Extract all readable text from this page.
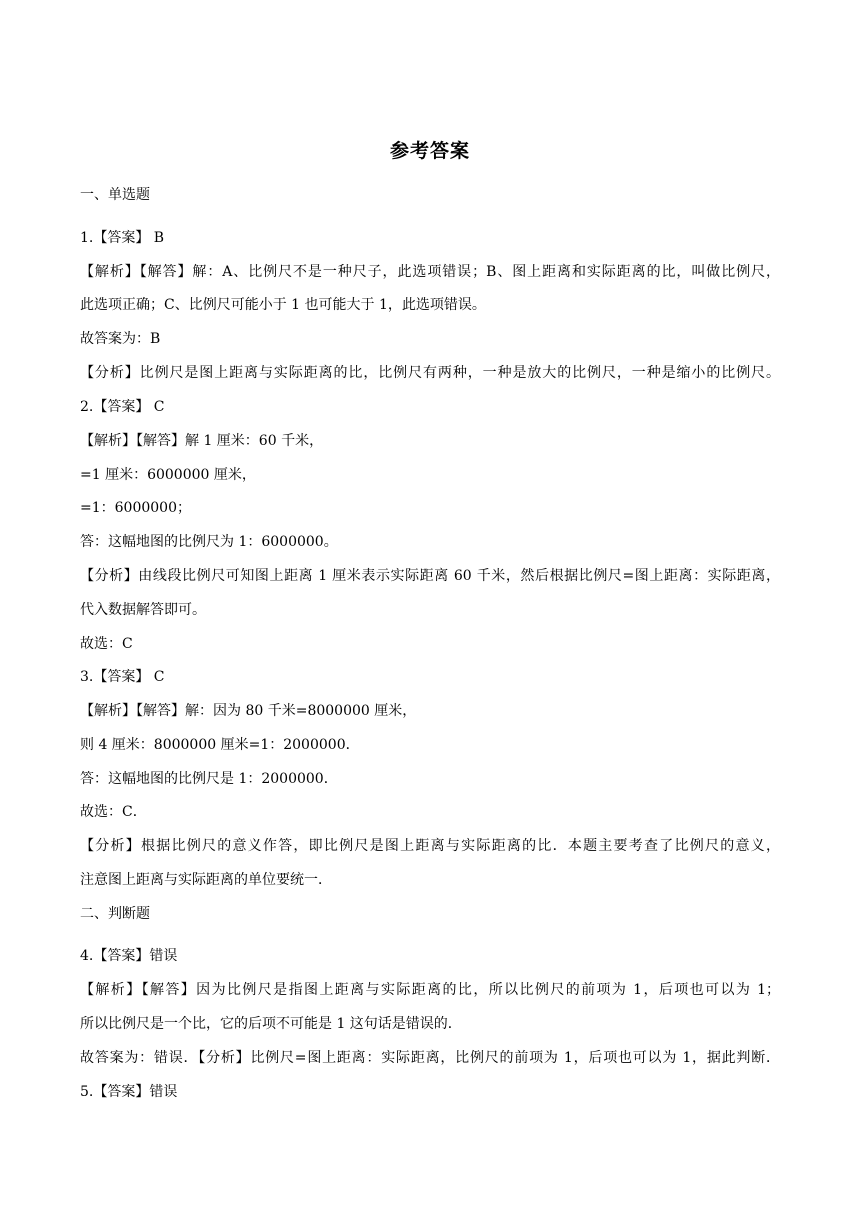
参考答案
一、单选题
1.【答案】 B
【解析】【解答】解：A、比例尺不是一种尺子，此选项错误；B、图上距离和实际距离的比，叫做比例尺，
此选项正确；C、比例尺可能小于 1 也可能大于 1，此选项错误。
故答案为：B
【分析】比例尺是图上距离与实际距离的比，比例尺有两种，一种是放大的比例尺，一种是缩小的比例尺。
2.【答案】 C
【解析】【解答】解 1 厘米：60 千米，
=1 厘米：6000000 厘米，
=1：6000000；
答：这幅地图的比例尺为 1：6000000。
【分析】由线段比例尺可知图上距离 1 厘米表示实际距离 60 千米，然后根据比例尺=图上距离：实际距离，
代入数据解答即可。
故选：C
3.【答案】 C
【解析】【解答】解：因为 80 千米=8000000 厘米，
则 4 厘米：8000000 厘米=1：2000000．
答：这幅地图的比例尺是 1：2000000．
故选：C．
【分析】根据比例尺的意义作答，即比例尺是图上距离与实际距离的比．本题主要考查了比例尺的意义，
注意图上距离与实际距离的单位要统一．
二、判断题
4.【答案】错误
【解析】【解答】因为比例尺是指图上距离与实际距离的比，所以比例尺的前项为 1，后项也可以为 1；
所以比例尺是一个比，它的后项不可能是 1 这句话是错误的．
故答案为：错误．【分析】比例尺=图上距离：实际距离，比例尺的前项为 1，后项也可以为 1，据此判断．
5.【答案】错误
